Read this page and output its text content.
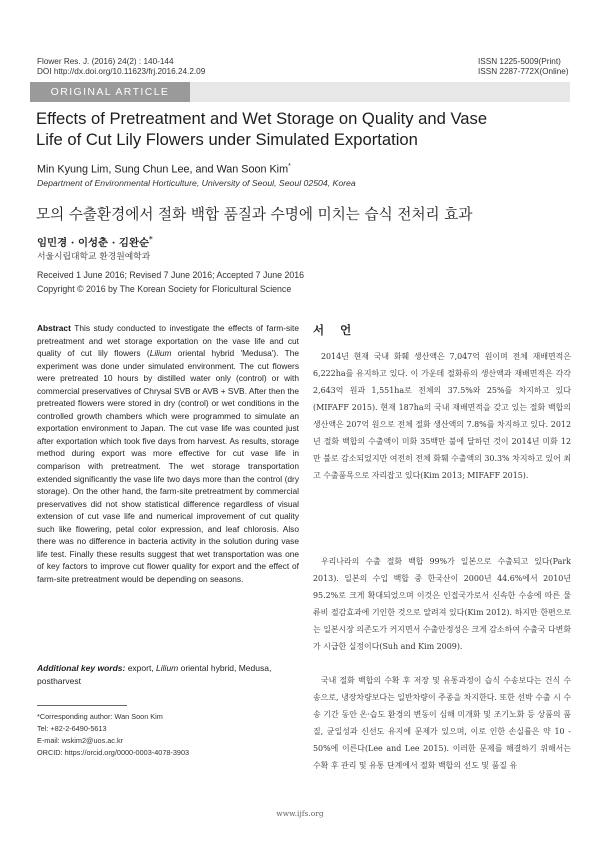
Flower Res. J. (2016) 24(2) : 140-144
DOI http://dx.doi.org/10.11623/frj.2016.24.2.09
ISSN 1225-5009(Print)
ISSN 2287-772X(Online)
ORIGINAL ARTICLE
Effects of Pretreatment and Wet Storage on Quality and Vase
Life of Cut Lily Flowers under Simulated Exportation
Min Kyung Lim, Sung Chun Lee, and Wan Soon Kim*
Department of Environmental Horticulture, University of Seoul, Seoul 02504, Korea
모의 수출환경에서 절화 백합 품질과 수명에 미치는 습식 전처리 효과
임민경 · 이성춘 · 김완순*
서울시립대학교 환경원예학과
Received 1 June 2016; Revised 7 June 2016; Accepted 7 June 2016
Copyright © 2016 by The Korean Society for Floricultural Science
Abstract This study conducted to investigate the effects of farm-site pretreatment and wet storage exportation on the vase life and cut quality of cut lily flowers (Lilium oriental hybrid 'Medusa'). The experiment was done under simulated environment. The cut flowers were pretreated 10 hours by distilled water only (control) or with commercial preservatives of Chrysal SVB or AVB + SVB. After then the pretreated flowers were stored in dry (control) or wet conditions in the controlled growth chambers which were programmed to simulate an exportation environment to Japan. The cut vase life was counted just after exportation which took five days from harvest. As results, storage method during export was more effective for cut vase life in comparison with pretreatment. The wet storage transportation extended significantly the vase life two days more than the control (dry storage). On the other hand, the farm-site pretreatment by commercial preservatives did not show statistical difference regardless of visual extension of cut vase life and numerical improvement of cut quality such like flowering, petal color expression, and leaf chlorosis. Also there was no difference in bacteria activity in the solution during vase life test. Finally these results suggest that wet transportation was one of key factors to improve cut flower quality for export and the effect of farm-site pretreatment would be depending on seasons.
Additional key words: export, Lilium oriental hybrid, Medusa, postharvest
*Corresponding author: Wan Soon Kim
Tel: +82-2-6490-5613
E-mail: wskim2@uos.ac.kr
ORCID: https://orcid.org/0000-0003-4078-3903
서 언

2014년 현재 국내 화훼 생산액은 7,047억 원이며 전체 재배면적은 6,222ha를 유지하고 있다. 이 가운데 절화류의 생산액과 재배면적은 각각 2,643억 원과 1,551ha로 전체의 37.5%와 25%를 차지하고 있다(MIFAFF 2015). 현재 187ha의 국내 재배면적을 갖고 있는 절화 백합의 생산액은 207억 원으로 전체 절화 생산액의 7.8%를 차지하고 있다. 2012년 절화 백합의 수출액이 미화 35백만 불에 달하던 것이 2014년 미화 12만 불로 감소되었지만 여전히 전체 화훼 수출액의 30.3% 차지하고 있어 최고 수출품목으로 자리잡고 있다(Kim 2013; MIFAFF 2015).

우리나라의 수출 절화 백합 99%가 일본으로 수출되고 있다(Park 2013). 일본의 수입 백합 중 한국산이 2000년 44.6%에서 2010년 95.2%로 크게 확대되었으며 이것은 인접국가로서 신속한 수송에 따른 물류비 절감효과에 기인한 것으로 알려져 있다(Kim 2012). 하지만 한편으로는 일본시장 의존도가 커지면서 수출안정성은 크게 감소하여 수출국 다변화가 시급한 실정이다(Suh and Kim 2009).

국내 절화 백합의 수확 후 저장 및 유통과정이 습식 수송보다는 건식 수송으로, 냉장차량보다는 일반차량이 주종을 차지한다. 또한 선박 수출 시 수송 기간 동안 온·습도 환경의 변동이 심해 미개화 및 조기노화 등 상품의 품질, 균일성과 신선도 유지에 문제가 있으며, 이로 인한 손실률은 약 10 - 50%에 이른다(Lee and Lee 2015). 이러한 문제를 해결하기 위해서는 수확 후 관리 및 유통 단계에서 절화 백합의 선도 및 품질 유

www.ijfs.org
